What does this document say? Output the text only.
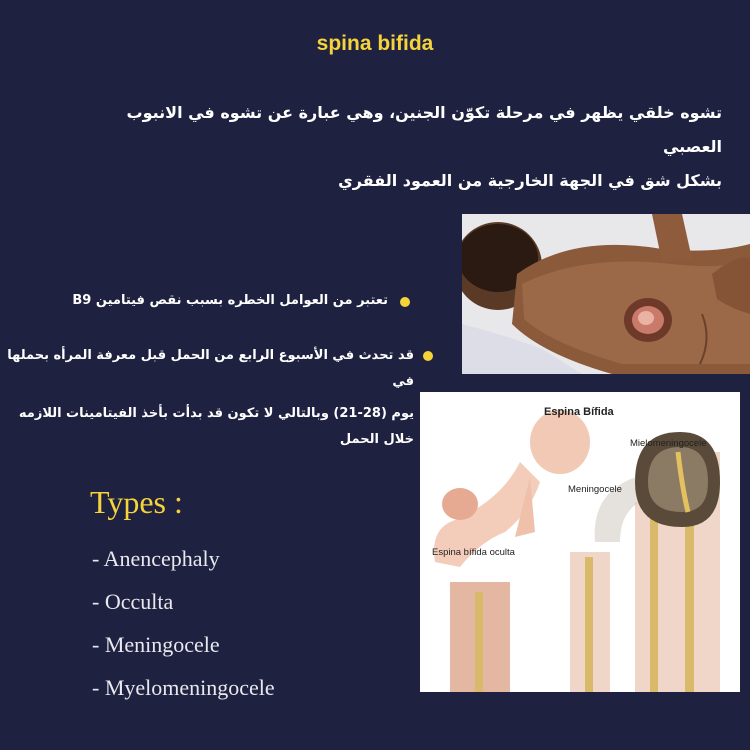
spina bifida
تشوه خلقي يظهر في مرحلة تكوّن الجنين، وهي عبارة عن تشوه في الانبوب العصبي
بشكل شق في الجهة الخارجية من العمود الفقري
تعتبر من العوامل الخطره بسبب نقص فيتامين B9
قد تحدث في الأسبوع الرابع من الحمل قبل معرفة المرأه بحملها في
يوم (28-21) وبالتالي لا تكون قد بدأت بأخذ الفيتامينات اللازمه
خلال الحمل
Espina Bífida
Mielomeningocele
Meningocele
Espina bífida oculta
Types :
- Anencephaly
- Occulta
- Meningocele
- Myelomeningocele
